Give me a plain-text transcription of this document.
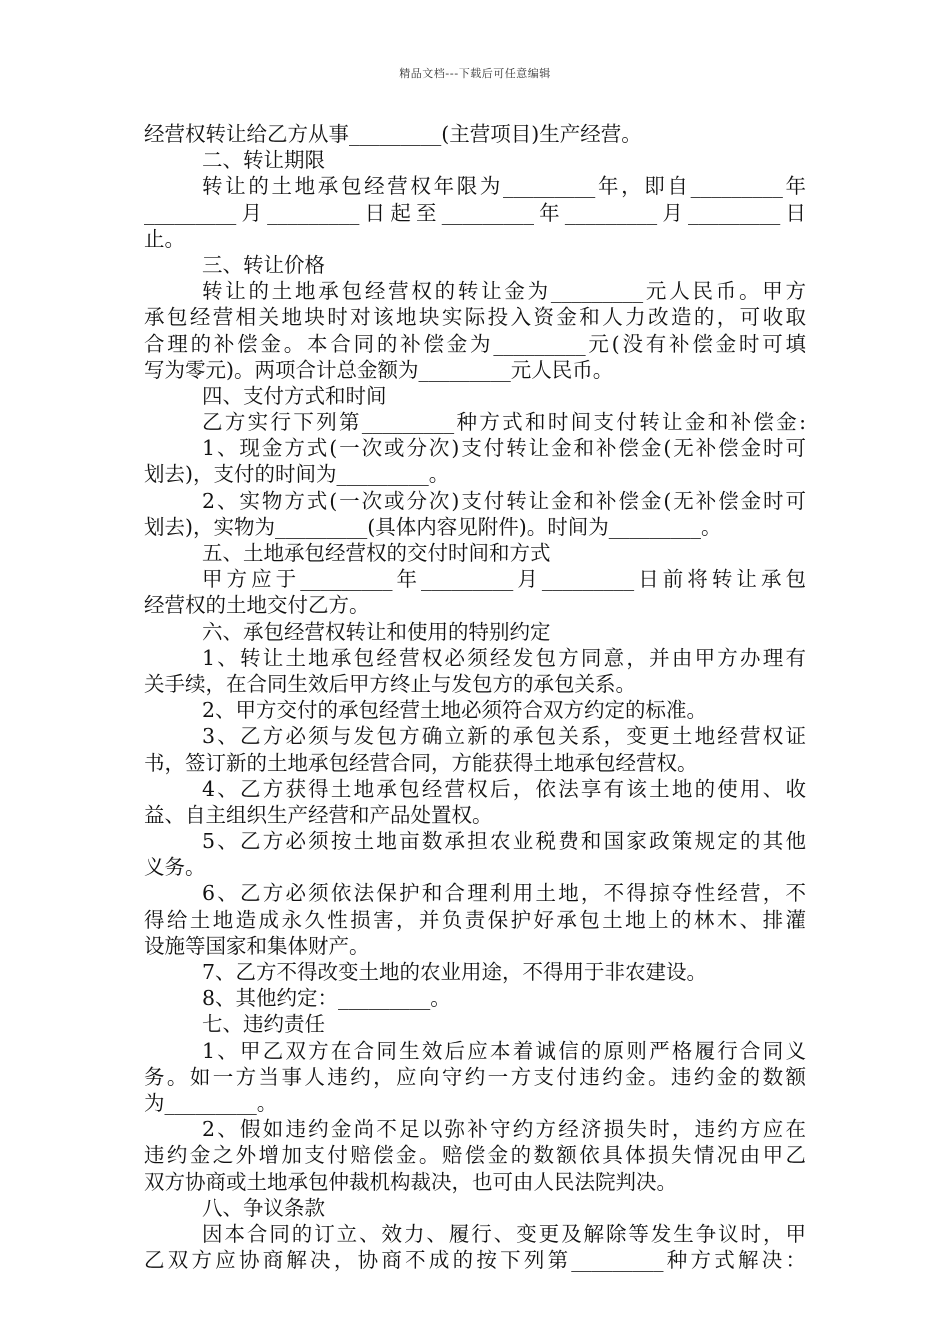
精品文档---下载后可任意编辑
经营权转让给乙方从事_________(主营项目)生产经营。
二、转让期限
转让的土地承包经营权年限为_________年，即自_________年
_________月_________日起至_________年_________月_________日
止。
三、转让价格
转让的土地承包经营权的转让金为_________元人民币。甲方
承包经营相关地块时对该地块实际投入资金和人力改造的，可收取
合理的补偿金。本合同的补偿金为_________元(没有补偿金时可填
写为零元)。两项合计总金额为_________元人民币。
四、支付方式和时间
乙方实行下列第_________种方式和时间支付转让金和补偿金:
1、现金方式(一次或分次)支付转让金和补偿金(无补偿金时可
划去)，支付的时间为_________。
2、实物方式(一次或分次)支付转让金和补偿金(无补偿金时可
划去)，实物为_________(具体内容见附件)。时间为_________。
五、土地承包经营权的交付时间和方式
甲方应于_________年_________月_________日前将转让承包
经营权的土地交付乙方。
六、承包经营权转让和使用的特别约定
1、转让土地承包经营权必须经发包方同意，并由甲方办理有
关手续，在合同生效后甲方终止与发包方的承包关系。
2、甲方交付的承包经营土地必须符合双方约定的标准。
3、乙方必须与发包方确立新的承包关系，变更土地经营权证
书，签订新的土地承包经营合同，方能获得土地承包经营权。
4、乙方获得土地承包经营权后，依法享有该土地的使用、收
益、自主组织生产经营和产品处置权。
5、乙方必须按土地亩数承担农业税费和国家政策规定的其他
义务。
6、乙方必须依法保护和合理利用土地，不得掠夺性经营，不
得给土地造成永久性损害，并负责保护好承包土地上的林木、排灌
设施等国家和集体财产。
7、乙方不得改变土地的农业用途，不得用于非农建设。
8、其他约定：_________。
七、违约责任
1、甲乙双方在合同生效后应本着诚信的原则严格履行合同义
务。如一方当事人违约，应向守约一方支付违约金。违约金的数额
为_________。
2、假如违约金尚不足以弥补守约方经济损失时，违约方应在
违约金之外增加支付赔偿金。赔偿金的数额依具体损失情况由甲乙
双方协商或土地承包仲裁机构裁决，也可由人民法院判决。
八、争议条款
因本合同的订立、效力、履行、变更及解除等发生争议时，甲
乙双方应协商解决，协商不成的按下列第_________种方式解决：
